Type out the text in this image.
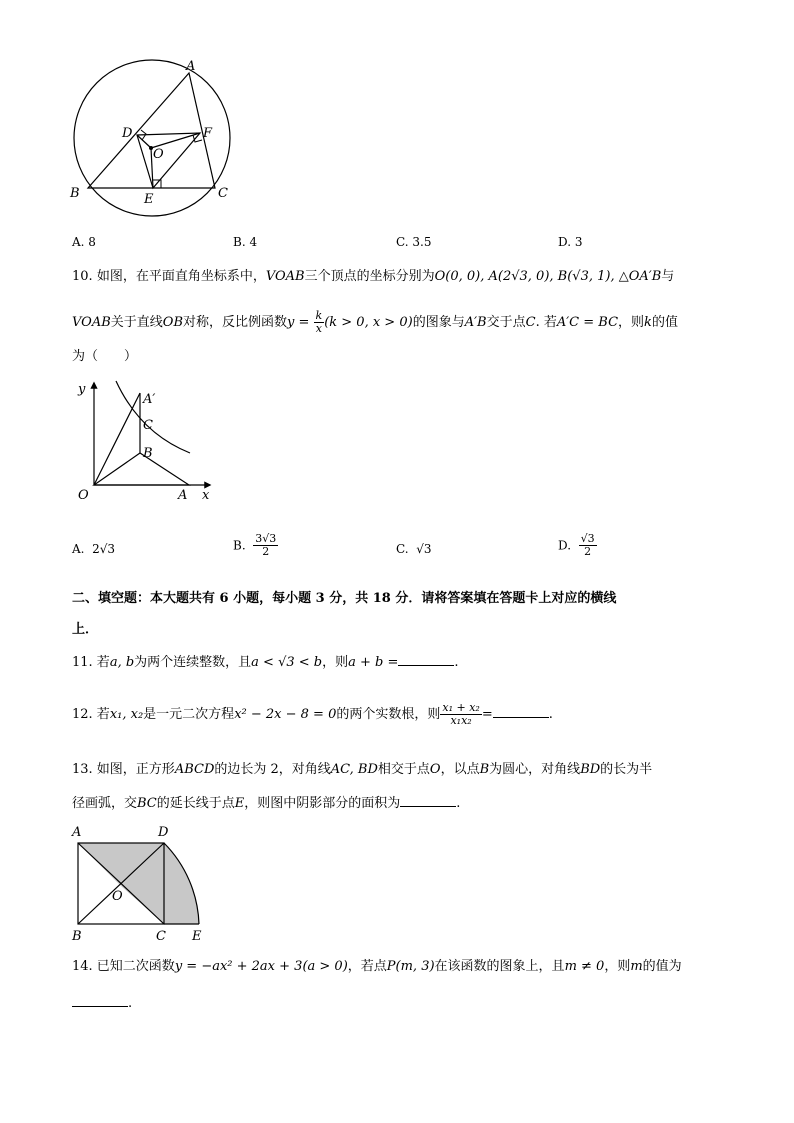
A
B	C
D
E
F
O
A. 8	B. 4	C. 3.5	D. 3
10. 如图，在平面直角坐标系中，VOAB三个顶点的坐标分别为O(0, 0), A(2√3, 0), B(√3, 1), △OA′B与
VOAB关于直线OB对称，反比例函数$y = \frac{k}{x} (k > 0$, x > 0)的图象与A′B交于点C. 若A′C = BC，则k的值
为（　　）
y
x
O	A
A′
C
B
A. 2√3	B. $\frac{3√3}{2}$	C. √3	D. $\frac{√3}{2}$
二、填空题：本大题共有 6 小题，每小题 3 分，共 18 分．请将答案填在答题卡上对应的横线
上．
11. 若a, b为两个连续整数，且a < √3 < b，则a + b =	.
12. 若x₁, x₂是一元二次方程x² − 2x − 8 = 0的两个实数根，则 $\frac{\text{x₁ + x₂}}{\text{x₁x₂}}$ =	.
13. 如图，正方形ABCD的边长为 2，对角线AC, BD相交于点O，以点B为圆心，对角线BD的长为半
径画弧，交BC的延长线于点E，则图中阴影部分的面积为	.
A	D
B	C E
O
14. 已知二次函数y = −ax² + 2ax + 3(a > 0)，若点P(m, 3)在该函数的图象上，且m ≠ 0，则m的值为
.
